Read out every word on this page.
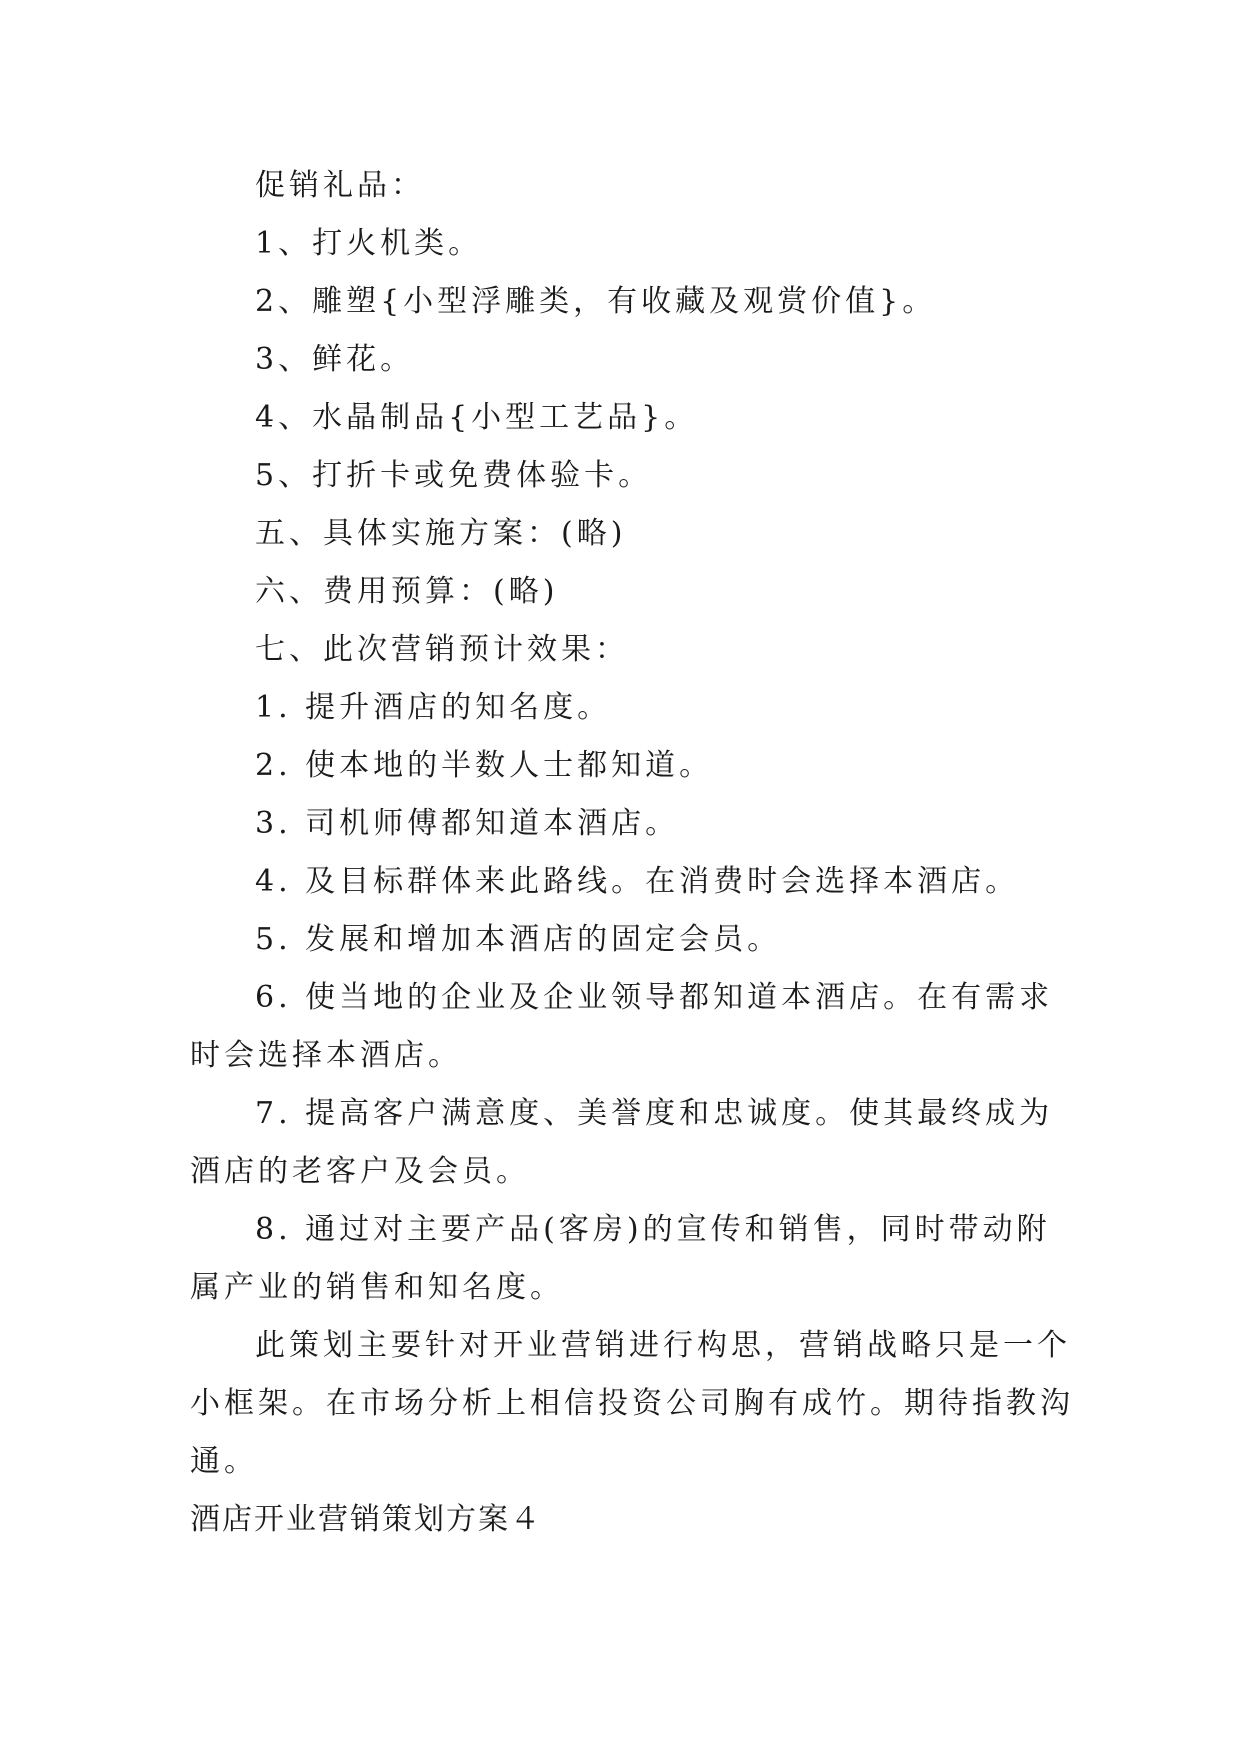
促销礼品：
1、打火机类。
2、雕塑{小型浮雕类，有收藏及观赏价值}。
3、鲜花。
4、水晶制品{小型工艺品}。
5、打折卡或免费体验卡。
五、具体实施方案：(略)
六、费用预算：(略)
七、此次营销预计效果：
1. 提升酒店的知名度。
2. 使本地的半数人士都知道。
3. 司机师傅都知道本酒店。
4. 及目标群体来此路线。在消费时会选择本酒店。
5. 发展和增加本酒店的固定会员。
6. 使当地的企业及企业领导都知道本酒店。在有需求
时会选择本酒店。
7. 提高客户满意度、美誉度和忠诚度。使其最终成为
酒店的老客户及会员。
8. 通过对主要产品(客房)的宣传和销售，同时带动附
属产业的销售和知名度。
此策划主要针对开业营销进行构思，营销战略只是一个
小框架。在市场分析上相信投资公司胸有成竹。期待指教沟
通。
酒店开业营销策划方案４
